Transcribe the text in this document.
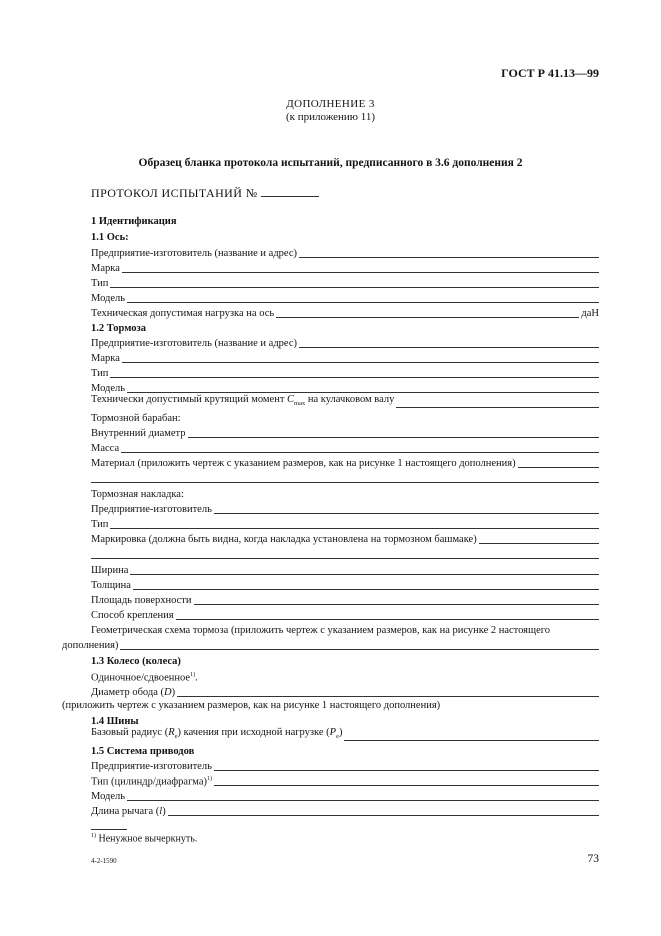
ГОСТ Р 41.13—99
ДОПОЛНЕНИЕ 3
(к приложению 11)
Образец бланка протокола испытаний, предписанного в 3.6 дополнения 2
ПРОТОКОЛ ИСПЫТАНИЙ №
1 Идентификация
1.1 Ось:
Предприятие-изготовитель (название и адрес)
Марка
Тип
Модель
Техническая допустимая нагрузка на ось	даН
1.2 Тормоза
Предприятие-изготовитель (название и адрес)
Марка
Тип
Модель
Технически допустимый крутящий момент $C_{max}$ на кулачковом валу
Тормозной барабан:
Внутренний диаметр
Масса
Материал (приложить чертеж с указанием размеров, как на рисунке 1 настоящего дополнения)
Тормозная накладка:
Предприятие-изготовитель
Тип
Маркировка (должна быть видна, когда накладка установлена на тормозном башмаке)
Ширина
Толщина
Площадь поверхности
Способ крепления
Геометрическая схема тормоза (приложить чертеж с указанием размеров, как на рисунке 2 настоящего
дополнения)
1.3 Колесо (колеса)
Одиночное/сдвоенное$^{1)}$.
Диаметр обода (D)
(приложить чертеж с указанием размеров, как на рисунке 1 настоящего дополнения)
1.4 Шины
Базовый радиус $(R_e)$ качения при исходной нагрузке $(P_e)$
1.5 Система приводов
Предприятие-изготовитель
Тип (цилиндр/диафрагма)$^{1)}$
Модель
Длина рычага (l)
$^{1)}$ Ненужное вычеркнуть.
4-2-1590	73
